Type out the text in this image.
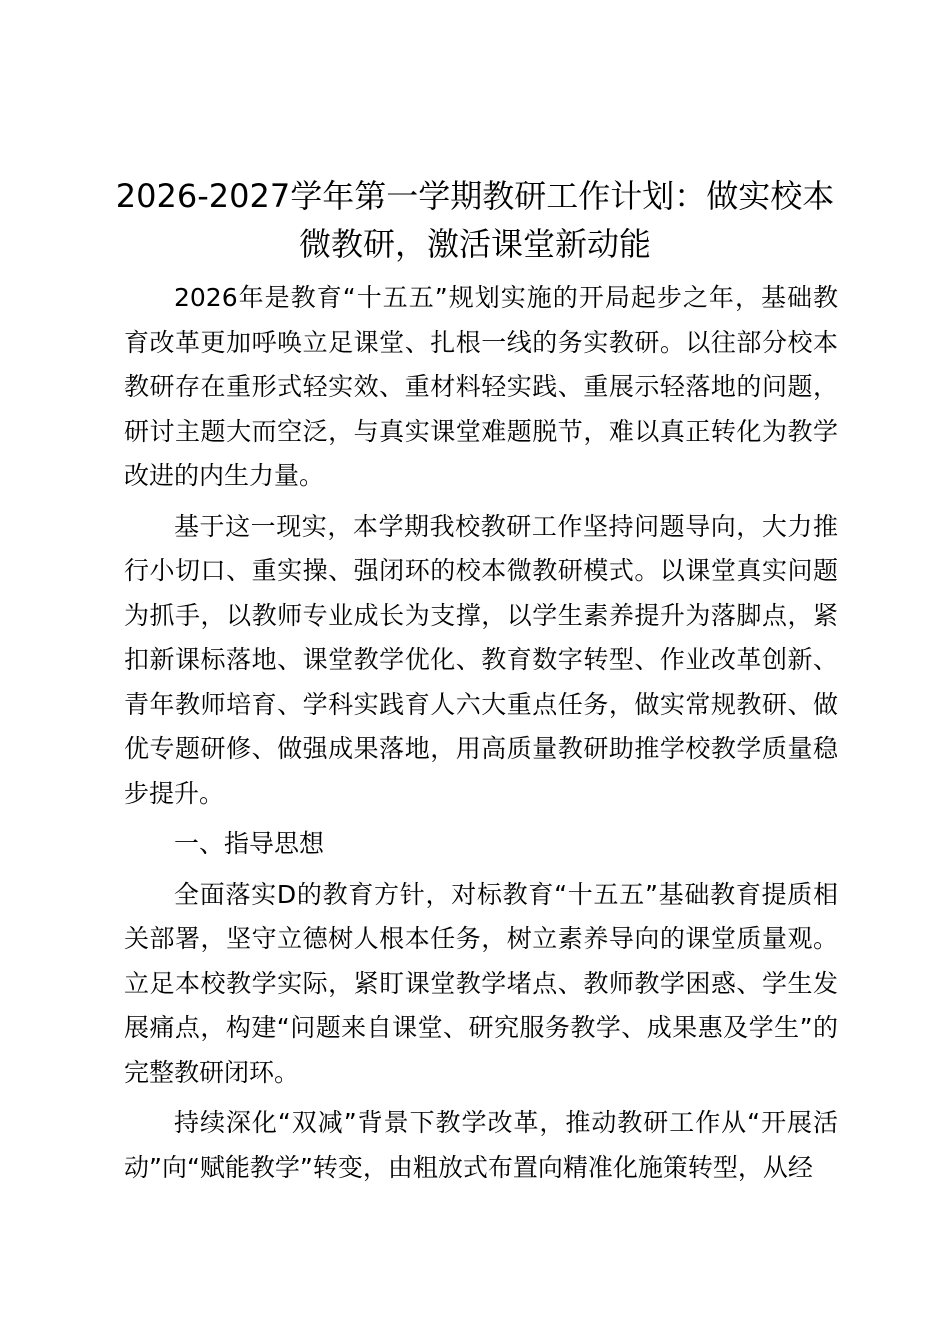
2026-2027学年第一学期教研工作计划：做实校本微教研，激活课堂新动能

2026年是教育“十五五”规划实施的开局起步之年，基础教育改革更加呼唤立足课堂、扎根一线的务实教研。以往部分校本教研存在重形式轻实效、重材料轻实践、重展示轻落地的问题，研讨主题大而空泛，与真实课堂难题脱节，难以真正转化为教学改进的内生力量。

基于这一现实，本学期我校教研工作坚持问题导向，大力推行小切口、重实操、强闭环的校本微教研模式。以课堂真实问题为抓手，以教师专业成长为支撑，以学生素养提升为落脚点，紧扣新课标落地、课堂教学优化、教育数字转型、作业改革创新、青年教师培育、学科实践育人六大重点任务，做实常规教研、做优专题研修、做强成果落地，用高质量教研助推学校教学质量稳步提升。

一、指导思想

全面落实D的教育方针，对标教育“十五五”基础教育提质相关部署，坚守立德树人根本任务，树立素养导向的课堂质量观。立足本校教学实际，紧盯课堂教学堵点、教师教学困惑、学生发展痛点，构建“问题来自课堂、研究服务教学、成果惠及学生”的完整教研闭环。

持续深化“双减”背景下教学改革，推动教研工作从“开展活动”向“赋能教学”转变，由粗放式布置向精准化施策转型，从经
